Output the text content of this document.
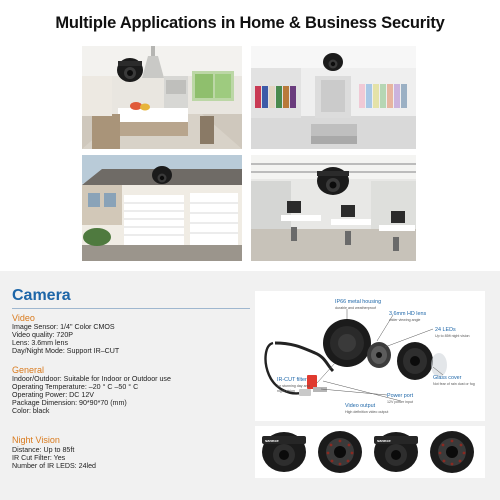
Multiple Applications in Home & Business Security
Camera
Video
Image Sensor: 1/4" Color CMOS
Video quality: 720P
Lens: 3.6mm lens
Day/Night Mode: Support IR–CUT
General
Indoor/Outdoor: Suitable for Indoor or Outdoor use
Operating Temperature: –20 ° C –50 ° C
Operating Power: DC 12V
Package Dimension: 90*90*70 (mm)
Color: black
Night Vision
Distance: Up to 85ft
IR Cut Filter: Yes
Number of IR LEDS: 24led
IP66 metal housing
durable and weatherproof
3.6mm HD lens
wider viewing angle
24 LEDs
Up to 85ft night vision
IR-CUT filter
for stunning day and night vision
Glass cover
Not fear of rain dust or fog
Power port
12V power input
Video output
High definition video output
sannce	sannce
